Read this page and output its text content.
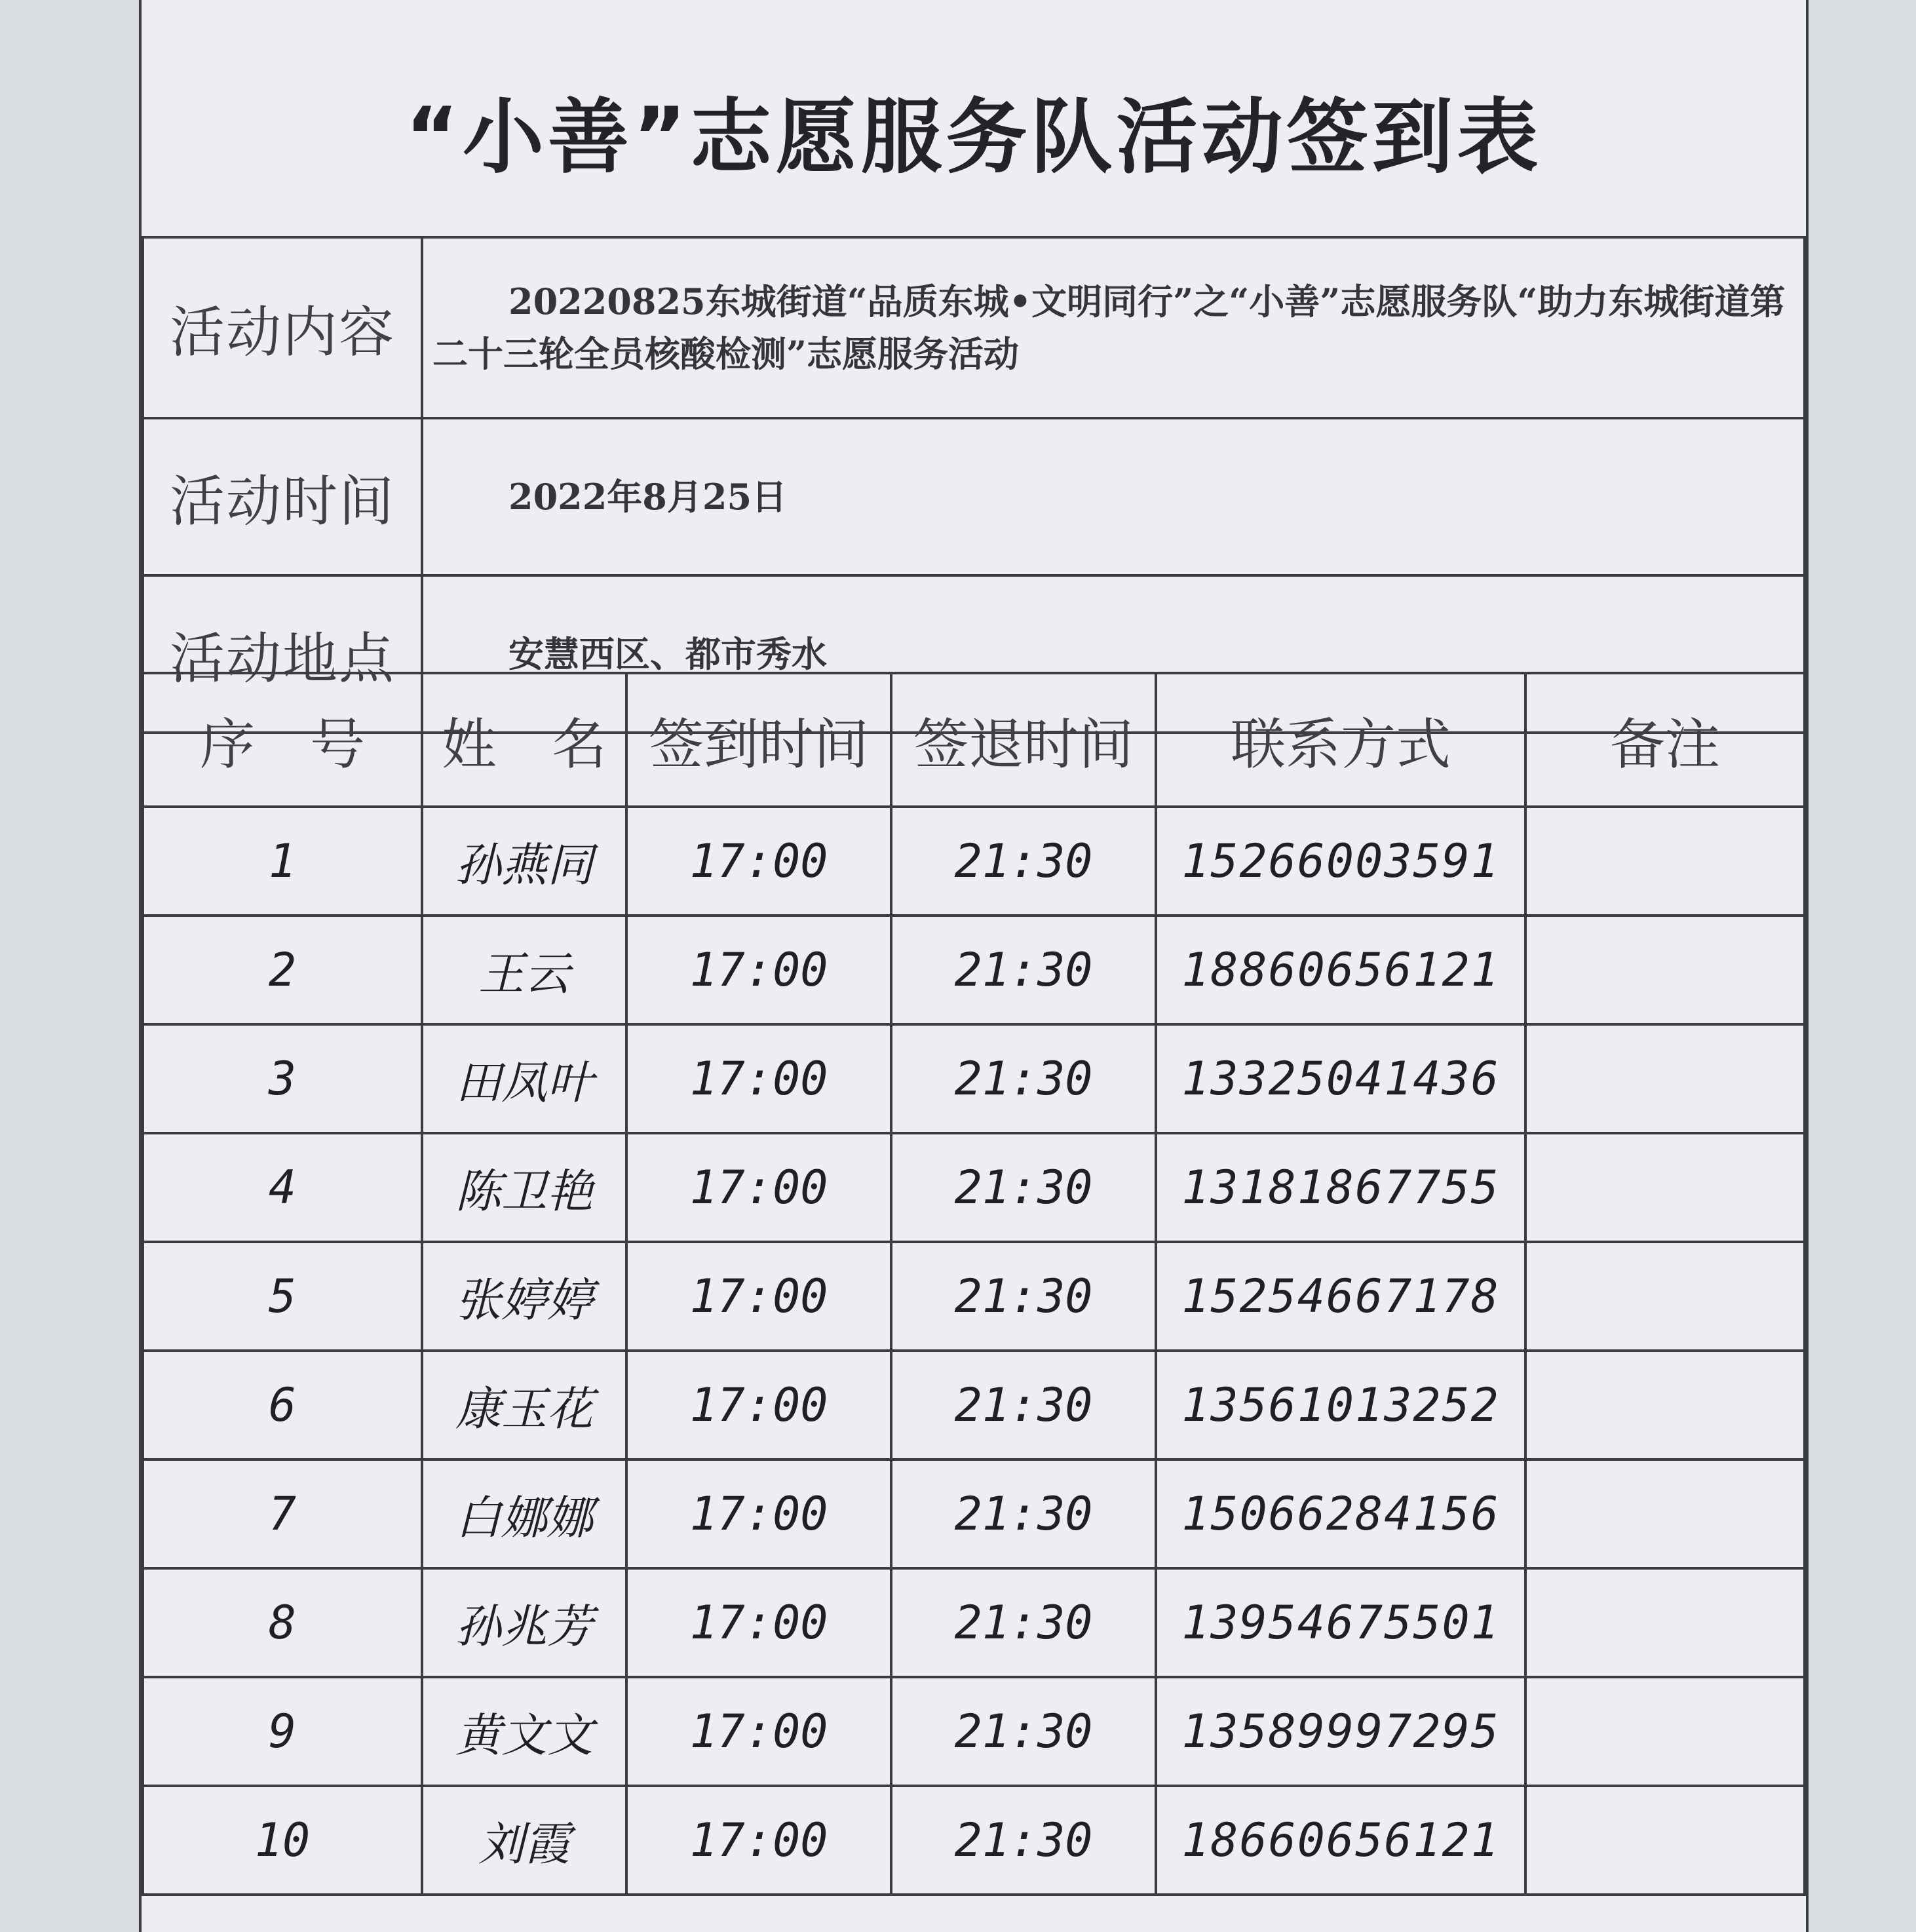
“小善”志愿服务队活动签到表
活动内容	20220825东城街道“品质东城•文明同行”之“小善”志愿服务队“助力东城街道第二十三轮全员核酸检测”志愿服务活动
活动时间	2022年8月25日
活动地点	安慧西区、都市秀水
序　号	姓　名	签到时间	签退时间	联系方式	备注
1	孙燕同	17:00	21:30	15266003591	
2	王云	17:00	21:30	18860656121	
3	田凤叶	17:00	21:30	13325041436	
4	陈卫艳	17:00	21:30	13181867755	
5	张婷婷	17:00	21:30	15254667178	
6	康玉花	17:00	21:30	13561013252	
7	白娜娜	17:00	21:30	15066284156	
8	孙兆芳	17:00	21:30	13954675501	
9	黄文文	17:00	21:30	13589997295	
10	刘霞	17:00	21:30	18660656121	
